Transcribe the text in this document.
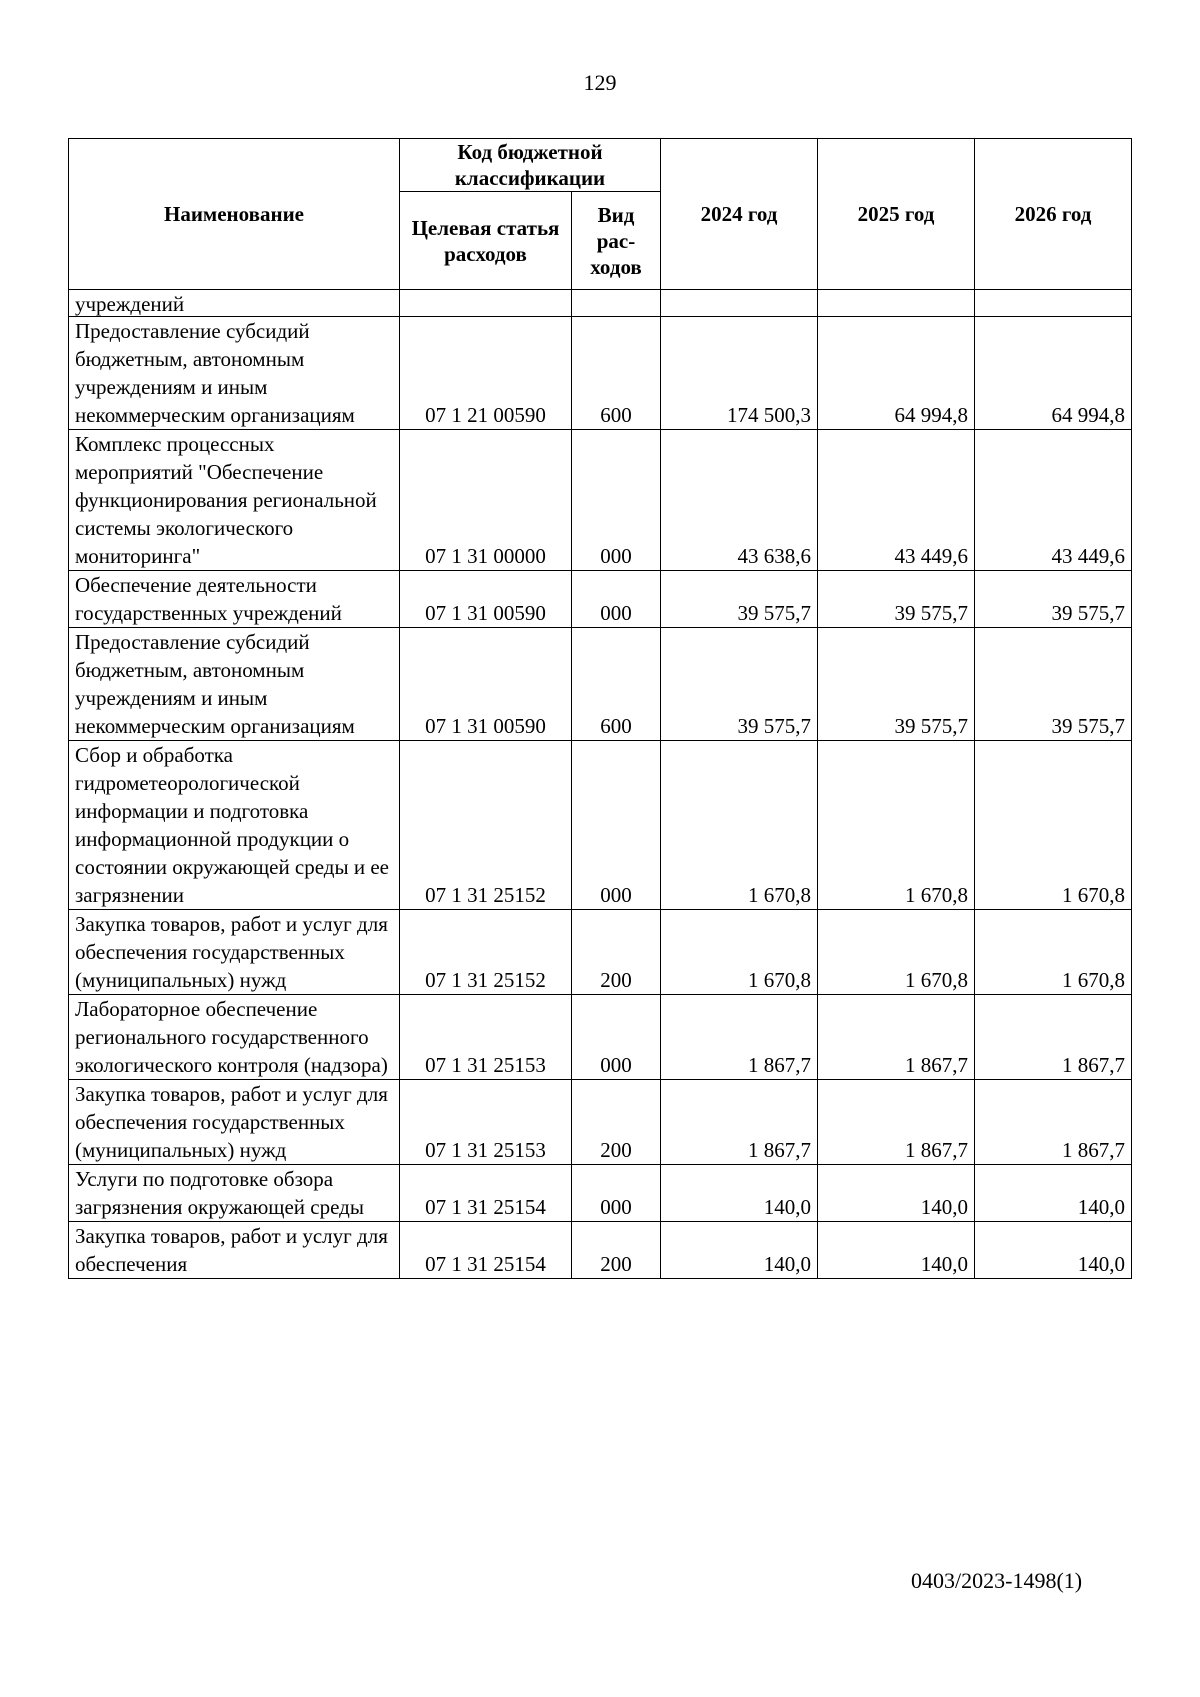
129
Наименование	Код бюджетной классификации		2024 год	2025 год	2026 год
	Целевая статья расходов	Вид рас-ходов			
учреждений					
Предоставление субсидий бюджетным, автономным учреждениям и иным некоммерческим организациям	07 1 21 00590	600	174 500,3	64 994,8	64 994,8
Комплекс процессных мероприятий "Обеспечение функционирования региональной системы экологического мониторинга"	07 1 31 00000	000	43 638,6	43 449,6	43 449,6
Обеспечение деятельности государственных учреждений	07 1 31 00590	000	39 575,7	39 575,7	39 575,7
Предоставление субсидий бюджетным, автономным учреждениям и иным некоммерческим организациям	07 1 31 00590	600	39 575,7	39 575,7	39 575,7
Сбор и обработка гидрометеорологической информации и подготовка информационной продукции о состоянии окружающей среды и ее загрязнении	07 1 31 25152	000	1 670,8	1 670,8	1 670,8
Закупка товаров, работ и услуг для обеспечения государственных (муниципальных) нужд	07 1 31 25152	200	1 670,8	1 670,8	1 670,8
Лабораторное обеспечение регионального государственного экологического контроля (надзора)	07 1 31 25153	000	1 867,7	1 867,7	1 867,7
Закупка товаров, работ и услуг для обеспечения государственных (муниципальных) нужд	07 1 31 25153	200	1 867,7	1 867,7	1 867,7
Услуги по подготовке обзора загрязнения окружающей среды	07 1 31 25154	000	140,0	140,0	140,0
Закупка товаров, работ и услуг для обеспечения	07 1 31 25154	200	140,0	140,0	140,0
0403/2023-1498(1)
